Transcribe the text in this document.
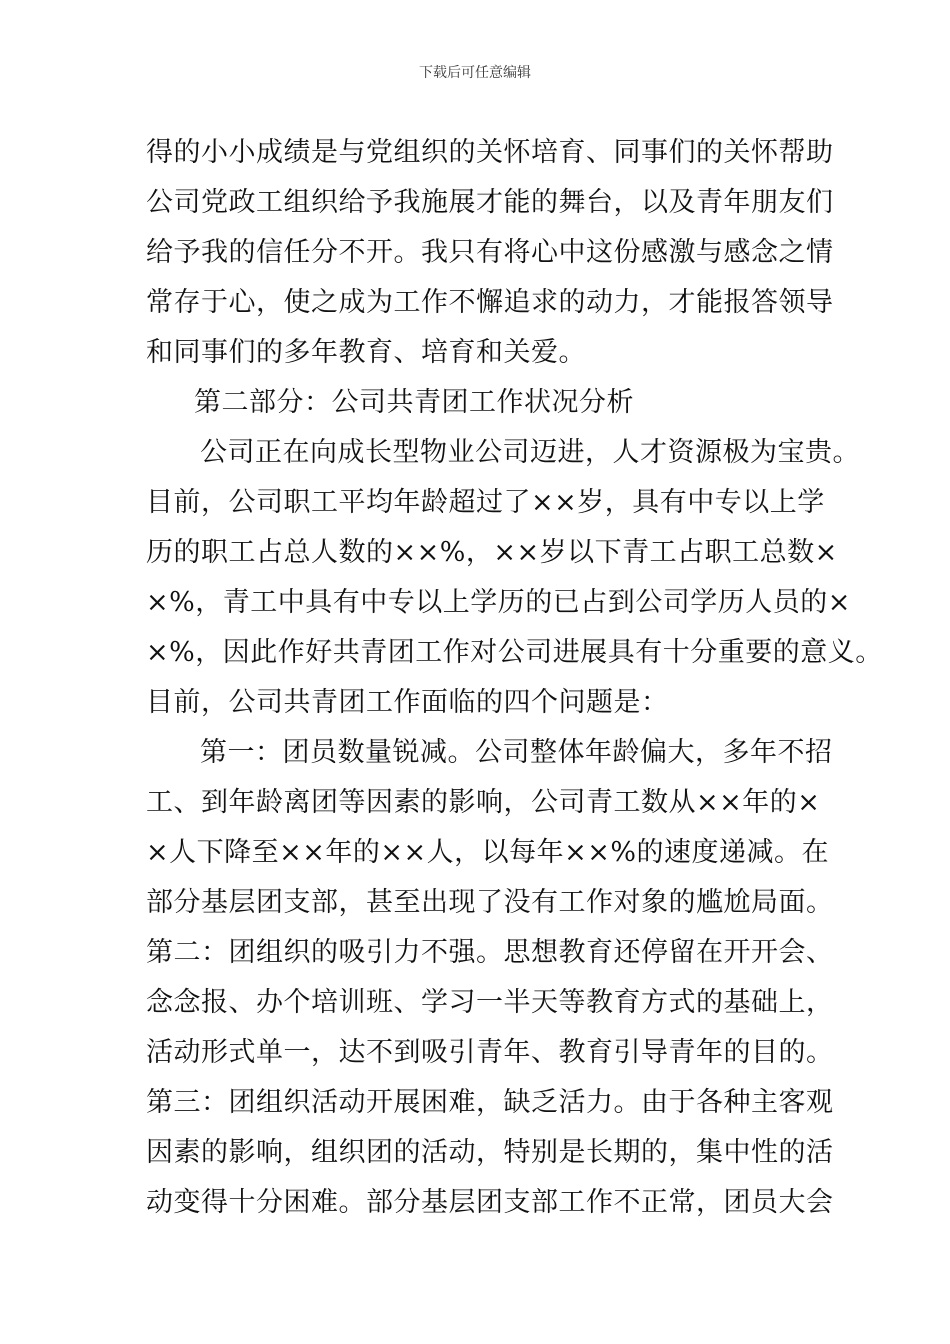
下载后可任意编辑
得的小小成绩是与党组织的关怀培育、同事们的关怀帮助
公司党政工组织给予我施展才能的舞台，以及青年朋友们
给予我的信任分不开。我只有将心中这份感激与感念之情
常存于心，使之成为工作不懈追求的动力，才能报答领导
和同事们的多年教育、培育和关爱。
第二部分：公司共青团工作状况分析
公司正在向成长型物业公司迈进，人才资源极为宝贵。
目前，公司职工平均年龄超过了××岁，具有中专以上学
历的职工占总人数的××%，××岁以下青工占职工总数×
×%，青工中具有中专以上学历的已占到公司学历人员的×
×%，因此作好共青团工作对公司进展具有十分重要的意义。
目前，公司共青团工作面临的四个问题是：
第一：团员数量锐减。公司整体年龄偏大，多年不招
工、到年龄离团等因素的影响，公司青工数从××年的×
×人下降至××年的××人，以每年××%的速度递减。在
部分基层团支部，甚至出现了没有工作对象的尴尬局面。
第二：团组织的吸引力不强。思想教育还停留在开开会、
念念报、办个培训班、学习一半天等教育方式的基础上，
活动形式单一，达不到吸引青年、教育引导青年的目的。
第三：团组织活动开展困难，缺乏活力。由于各种主客观
因素的影响，组织团的活动，特别是长期的，集中性的活
动变得十分困难。部分基层团支部工作不正常，团员大会
